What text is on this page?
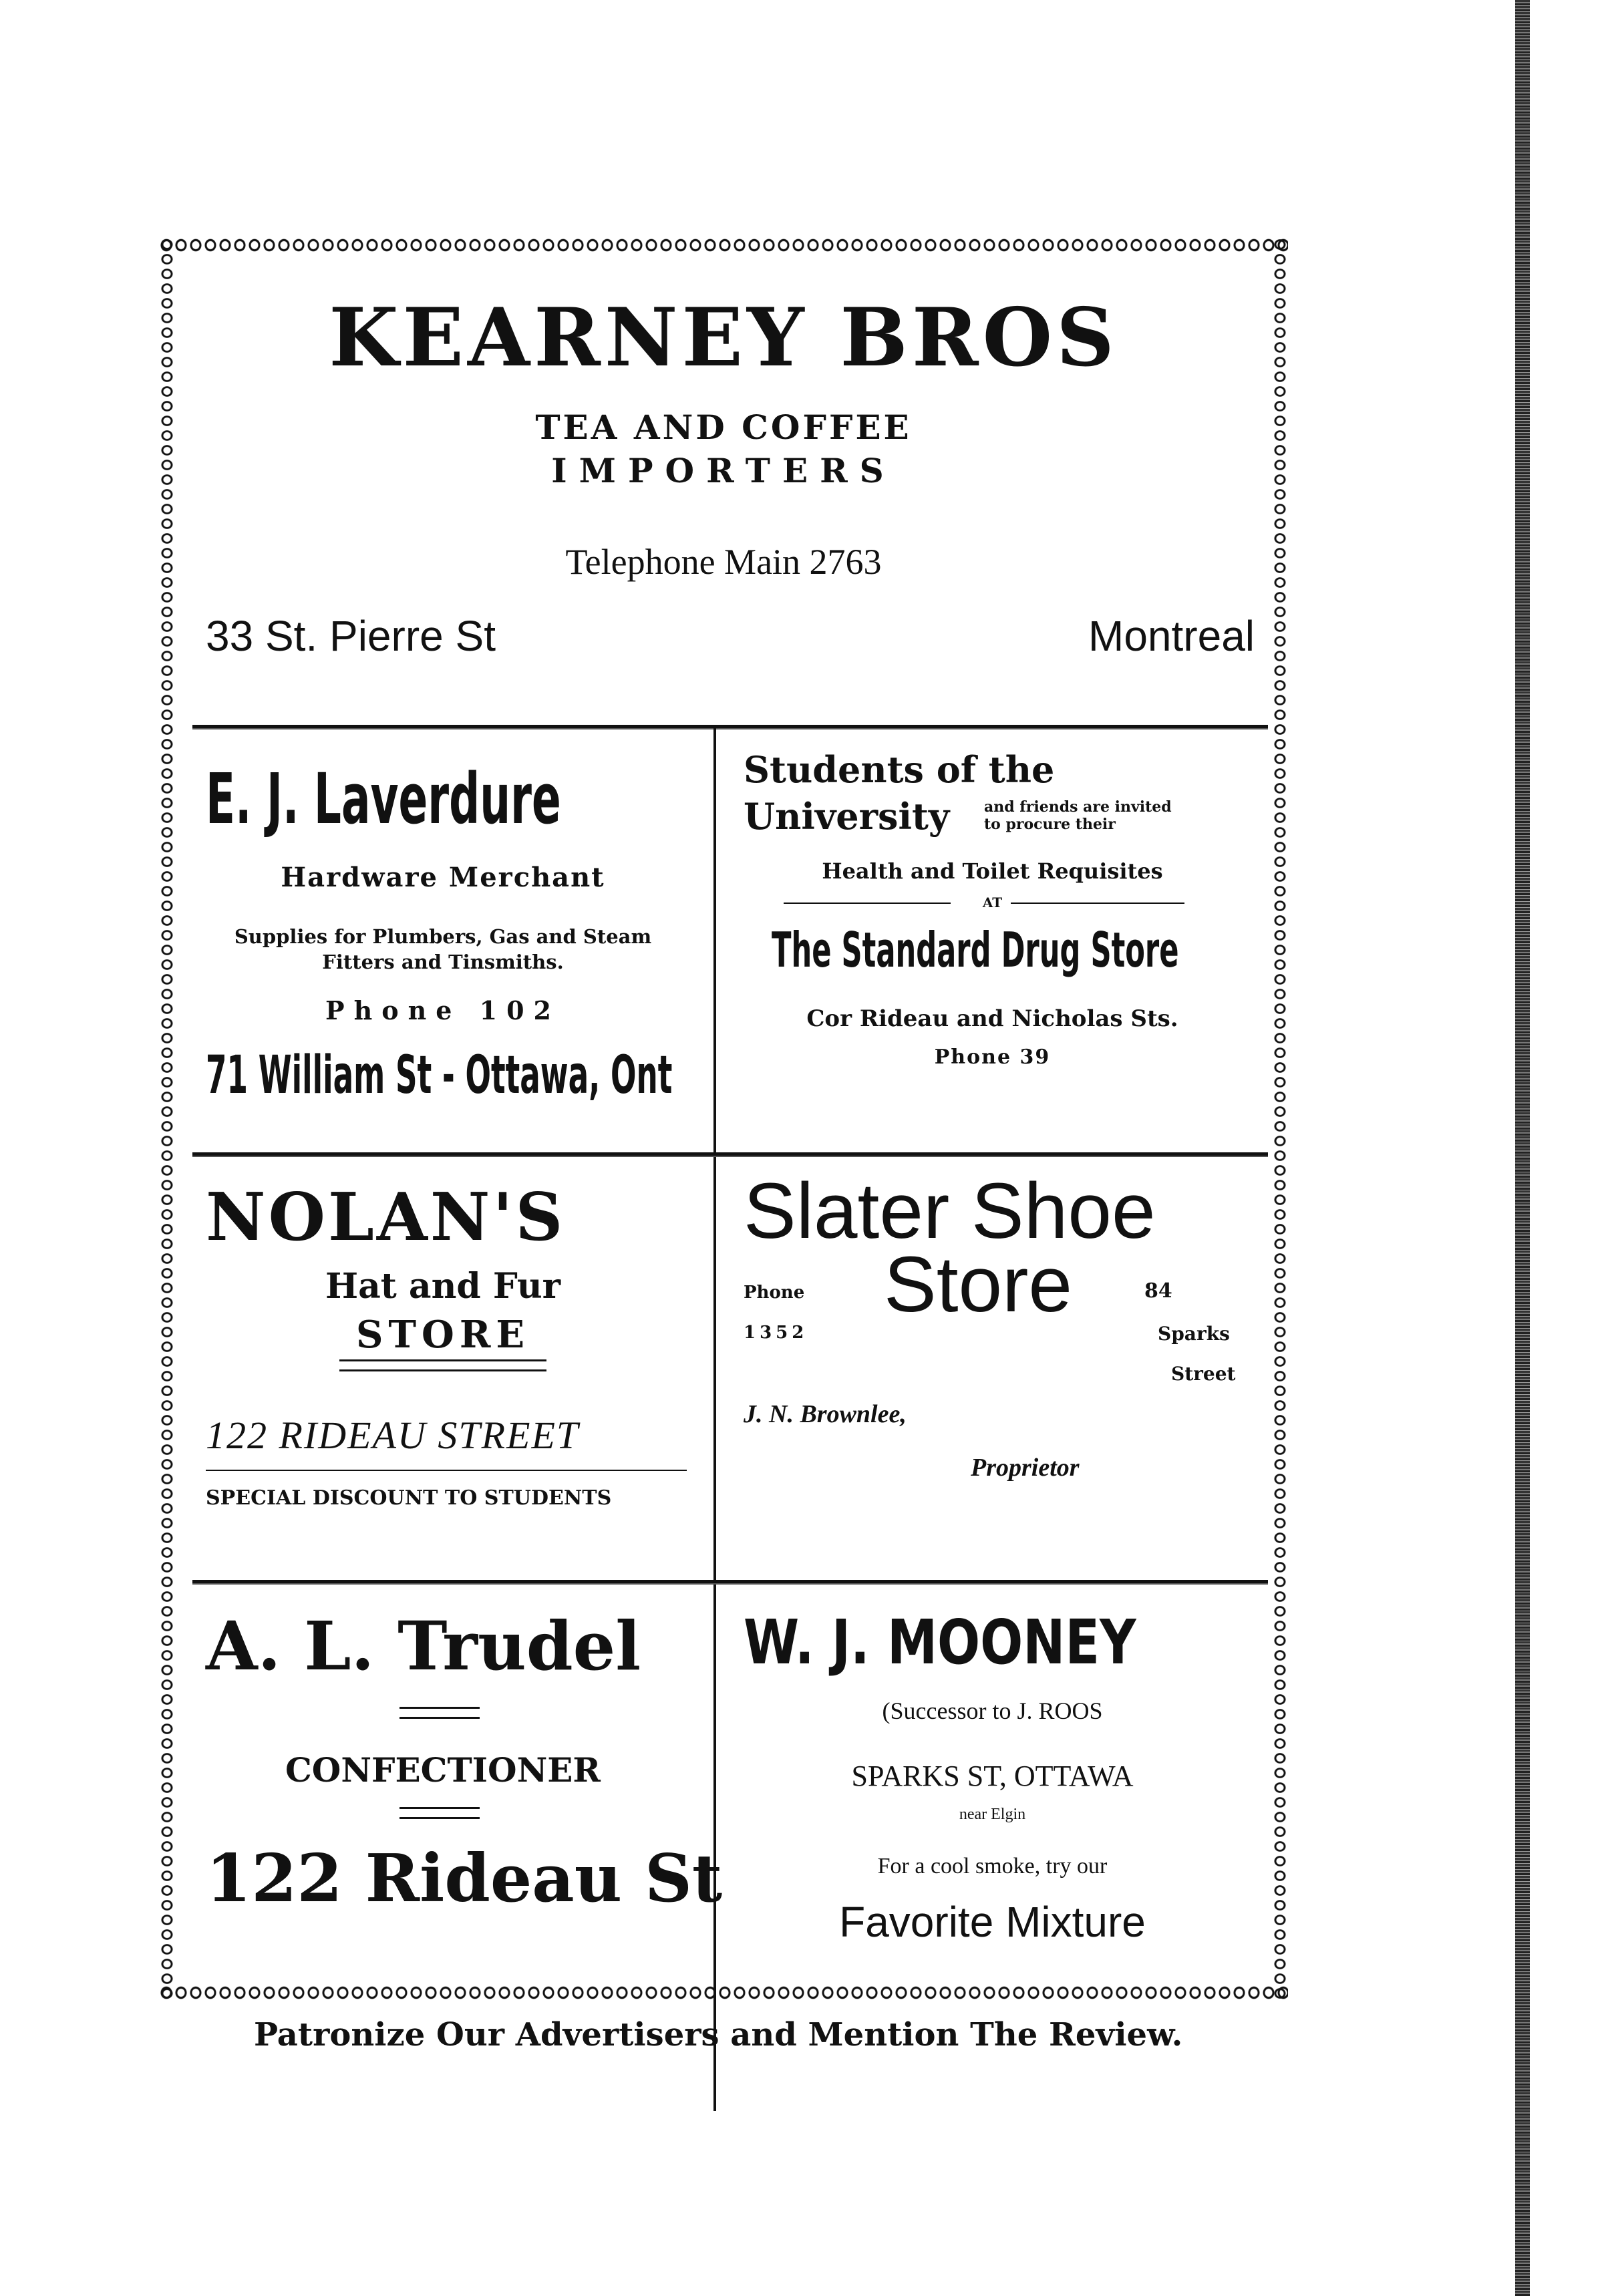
KEARNEY BROS
TEA AND COFFEE
IMPORTERS
Telephone Main 2763
33 St. Pierre St	Montreal
E. J. Laverdure
Hardware Merchant
Supplies for Plumbers, Gas and Steam
Fitters and Tinsmiths.
Phone 102
71 William St - Ottawa, Ont
Students of the
University and friends are invited
to procure their
Health and Toilet Requisites
AT
The Standard Drug Store
Cor Rideau and Nicholas Sts.
Phone 39
NOLAN'S
Hat and Fur
STORE
122 RIDEAU STREET
SPECIAL DISCOUNT TO STUDENTS
Slater Shoe
Phone Store	84
1352	Sparks
Street
J. N. Brownlee,
Proprietor
A. L. Trudel
CONFECTIONER
122 Rideau St
W. J. MOONEY
(Successor to J. ROOS
SPARKS ST, OTTAWA
near Elgin
For a cool smoke, try our
Favorite Mixture
Patronize Our Advertisers and Mention The Review.
